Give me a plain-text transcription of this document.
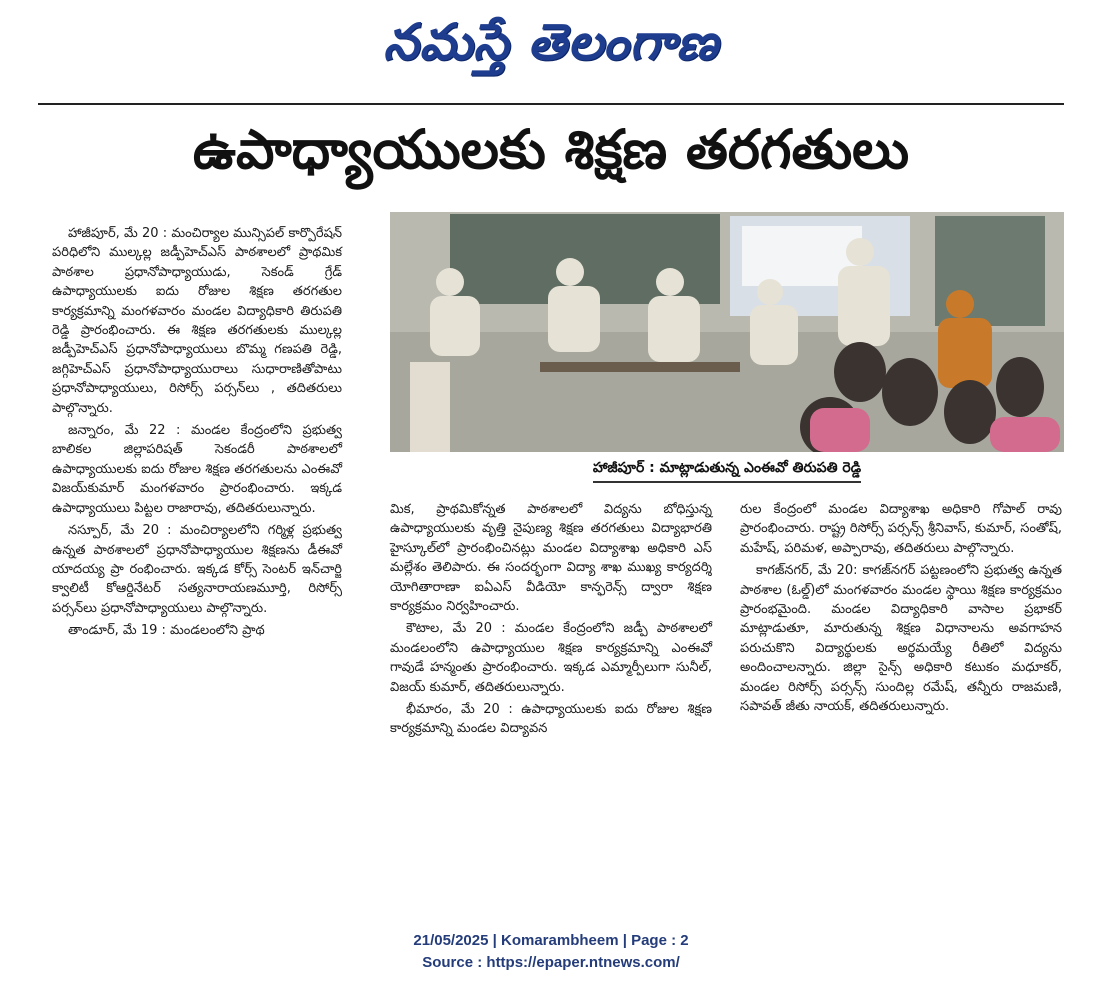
నమస్తే తెలంగాణ
ఉపాధ్యాయులకు శిక్షణ తరగతులు

హాజీపూర్, మే 20 : మంచిర్యాల మున్సిపల్ కార్పొరేషన్ పరిధిలోని ముల్కల్ల జడ్పీహెచ్ఎస్ పాఠశాలలో ప్రాథమిక పాఠశాల ప్రధానోపాధ్యాయుడు, సెకండ్ గ్రేడ్ ఉపాధ్యాయులకు ఐదు రోజుల శిక్షణ తరగతుల కార్యక్రమాన్ని మంగళవారం మండల విద్యాధికారి తిరుపతి రెడ్డి ప్రారంభించారు. ఈ శిక్షణ తరగతులకు ముల్కల్ల జడ్పీహెచ్ఎస్ ప్రధానోపాధ్యాయులు బొమ్మ గణపతి రెడ్డి, జగ్గిహెచ్ఎస్ ప్రధానోపాధ్యాయురాలు సుధారాణితోపాటు ప్రధానోపాధ్యాయులు, రిసోర్స్ పర్సన్‌లు , తదితరులు పాల్గొన్నారు.

జన్నారం, మే 22 : మండల కేంద్రంలోని ప్రభుత్వ బాలికల జిల్లాపరిషత్ సెకండరీ పాఠశాలలో ఉపాధ్యాయులకు ఐదు రోజుల శిక్షణ తరగతులను ఎంఈవో విజయ్‌కుమార్ మంగళవారం ప్రారంభించారు. ఇక్కడ ఉపాధ్యాయులు పిట్టల రాజారావు, తదితరులున్నారు.

నస్పూర్, మే 20 : మంచిర్యాలలోని గర్మిళ్ల ప్రభుత్వ ఉన్నత పాఠశాలలో ప్రధానోపాధ్యాయుల శిక్షణను డీఈవో యాదయ్య ప్రా రంభించారు. ఇక్కడ కోర్స్ సెంటర్ ఇన్‌చార్జి క్వాలిటీ కోఆర్డినేటర్ సత్యనారాయణమూర్తి, రిసోర్స్ పర్సన్‌లు ప్రధానోపాధ్యాయులు పాల్గొన్నారు.

తాండూర్, మే 19 : మండలంలోని ప్రాథ

హాజీపూర్ : మాట్లాడుతున్న ఎంఈవో తిరుపతి రెడ్డి

మిక, ప్రాథమికోన్నత పాఠశాలలో విద్యను బోధిస్తున్న ఉపాధ్యాయులకు వృత్తి నైపుణ్య శిక్షణ తరగతులు విద్యాభారతి హైస్కూల్‌లో ప్రారంభించినట్లు మండల విద్యాశాఖ అధికారి ఎస్ మల్లేశం తెలిపారు. ఈ సందర్భంగా విద్యా శాఖ ముఖ్య కార్యదర్శి యోగితారాణా ఐఏఎస్ వీడియో కాన్ఫరెన్స్ ద్వారా శిక్షణ కార్యక్రమం నిర్వహించారు.

కౌటాల, మే 20 : మండల కేంద్రంలోని జడ్పీ పాఠశాలలో మండలంలోని ఉపాధ్యాయుల శిక్షణ కార్యక్రమాన్ని ఎంఈవో గావుడే హన్మంతు ప్రారంభించారు. ఇక్కడ ఎమ్మార్పీలుగా సునీల్, విజయ్ కుమార్, తదితరులున్నారు.

భీమారం, మే 20 : ఉపాధ్యాయులకు ఐదు రోజుల శిక్షణ కార్యక్రమాన్ని మండల విద్యావన

రుల కేంద్రంలో మండల విద్యాశాఖ అధికారి గోపాల్ రావు ప్రారంభించారు. రాష్ట్ర రిసోర్స్ పర్సన్స్ శ్రీనివాస్, కుమార్, సంతోష్, మహేష్, పరిమళ, అప్పారావు, తదితరులు పాల్గొన్నారు.

కాగజ్‌నగర్, మే 20: కాగజ్‌నగర్ పట్టణంలోని ప్రభుత్వ ఉన్నత పాఠశాల (ఓల్డ్)లో మంగళవారం మండల స్థాయి శిక్షణ కార్యక్రమం ప్రారంభమైంది. మండల విద్యాధికారి వాసాల ప్రభాకర్ మాట్లాడుతూ, మారుతున్న శిక్షణ విధానాలను అవగాహన పరుచుకొని విద్యార్థులకు అర్థమయ్యే రీతిలో విద్యను అందించాలన్నారు. జిల్లా సైన్స్ అధికారి కటుకం మధూకర్, మండల రిసోర్స్ పర్సన్స్ సుందిల్ల రమేష్, తన్నీరు రాజమణి, సపావత్ జీతు నాయక్, తదితరులున్నారు.

21/05/2025 | Komarambheem | Page : 2
Source : https://epaper.ntnews.com/
